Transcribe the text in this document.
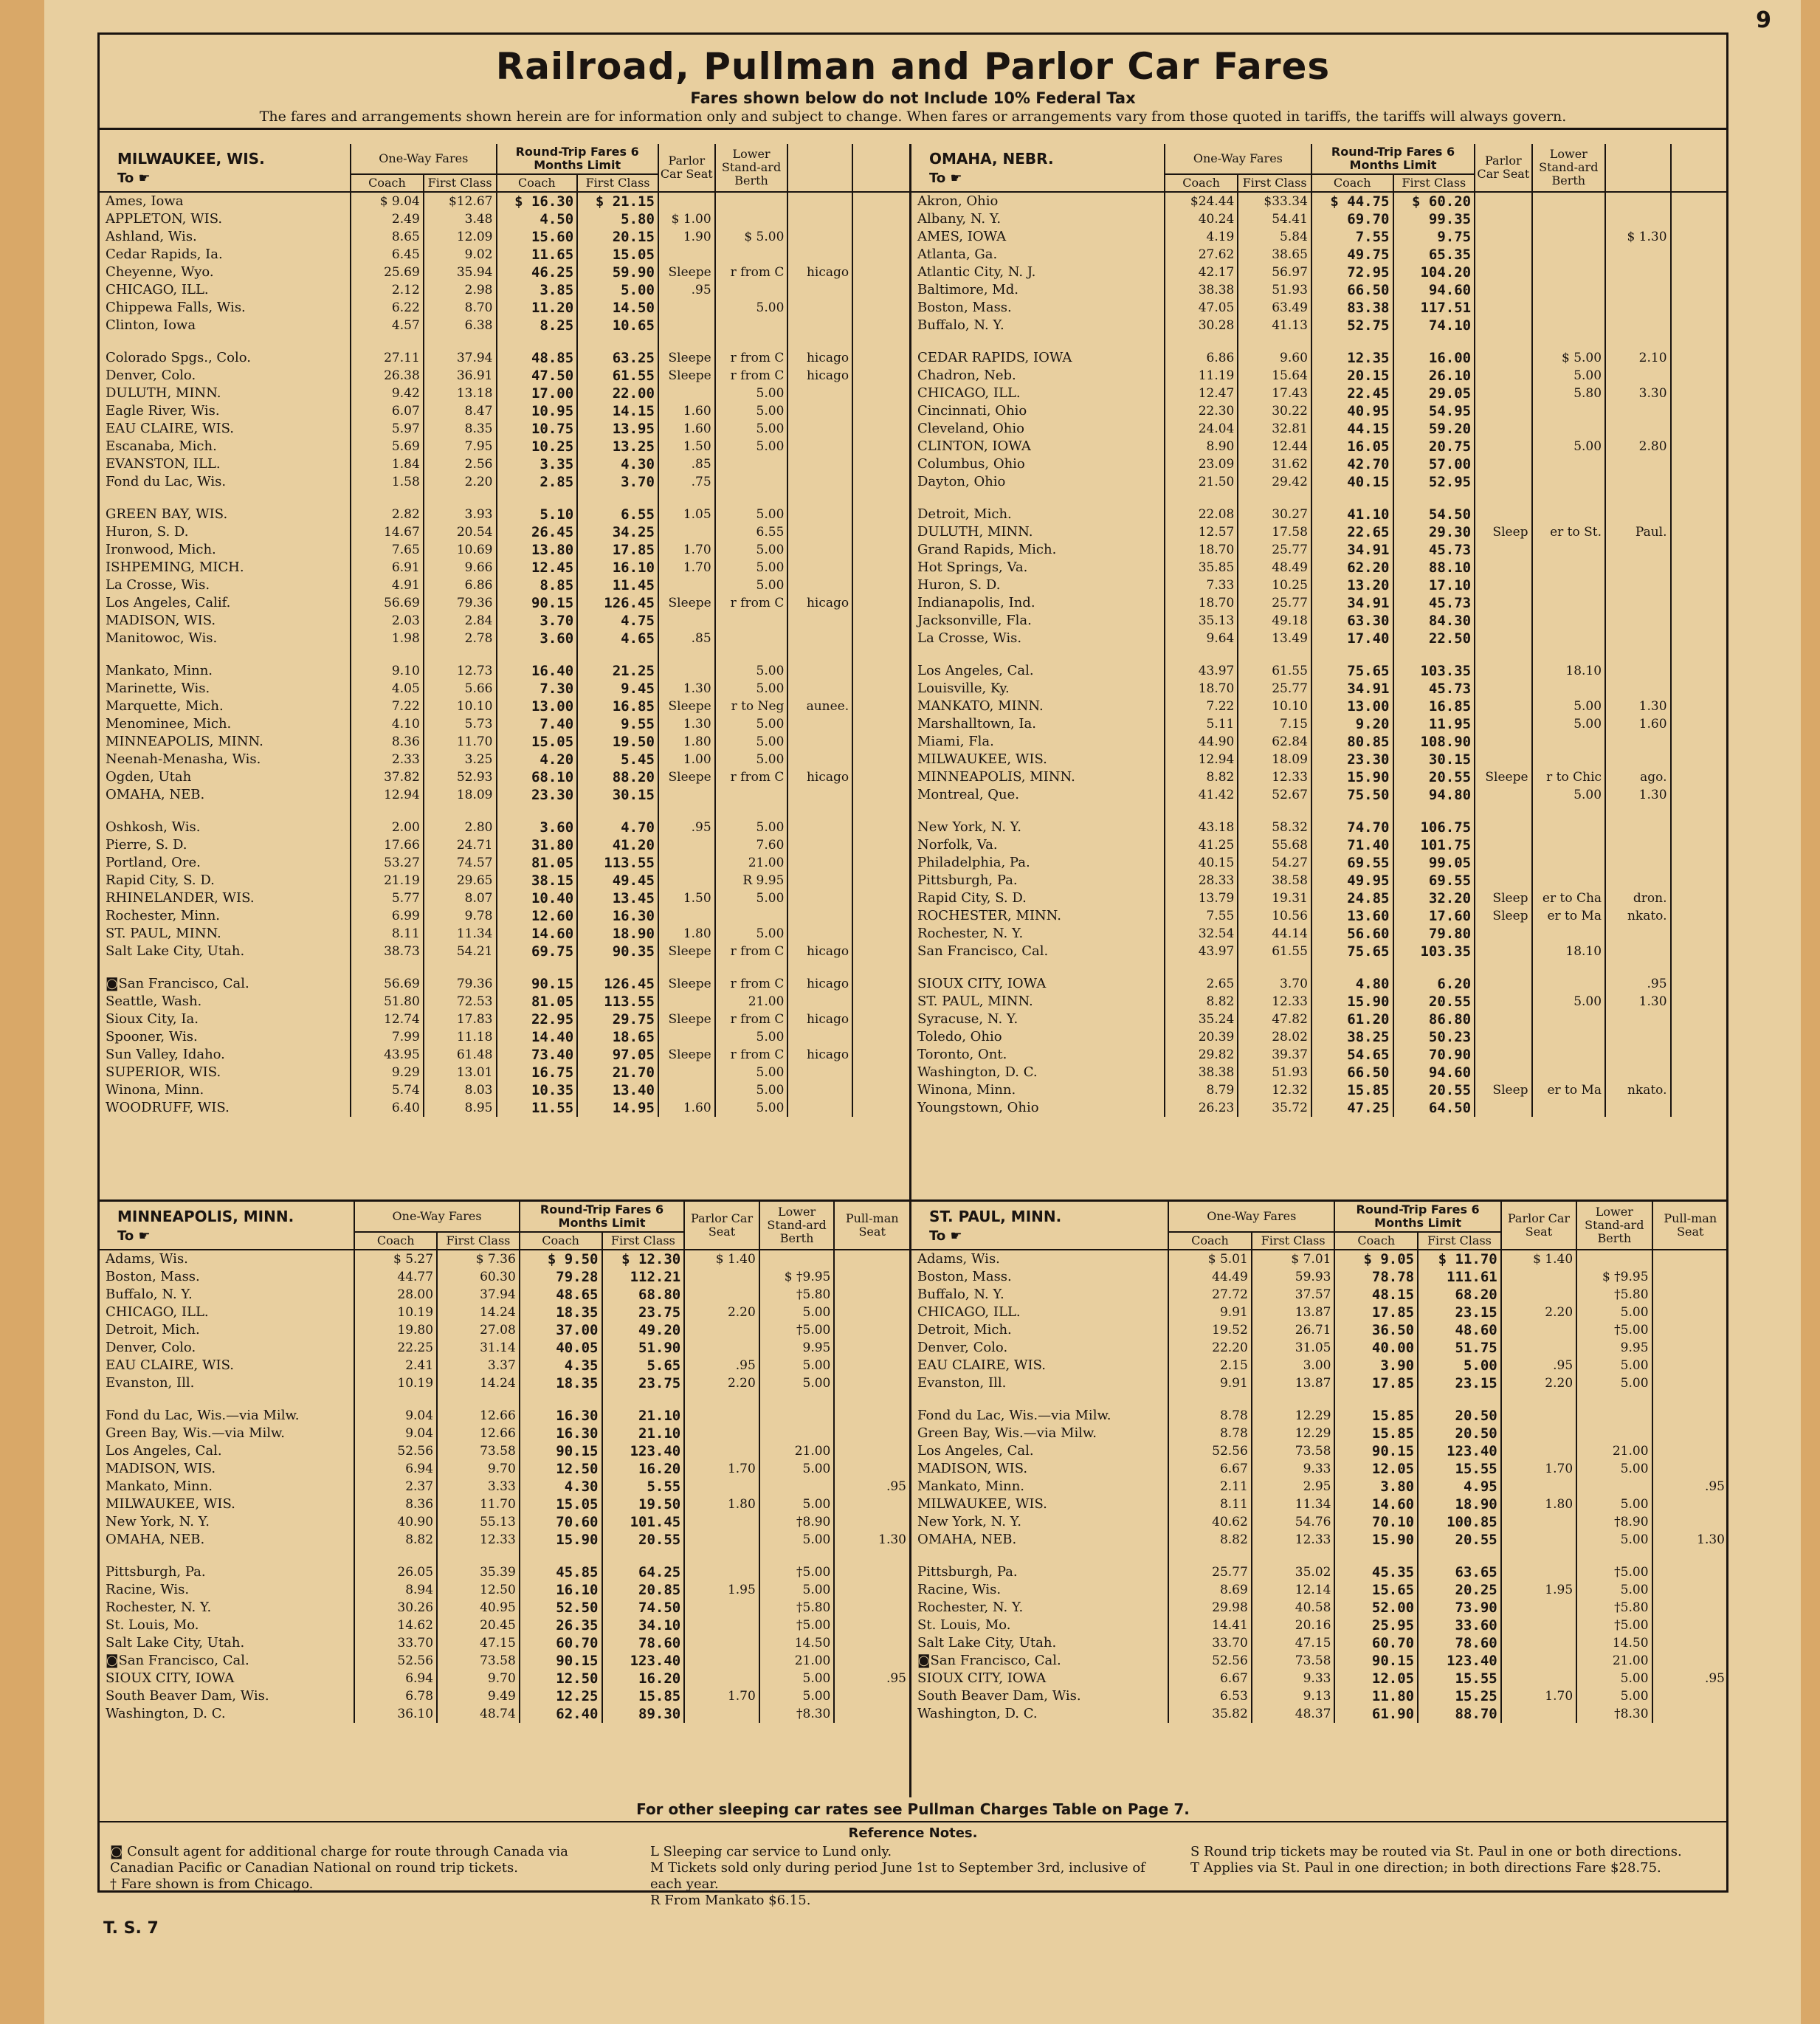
9
Railroad, Pullman and Parlor Car Fares
Fares shown below do not Include 10% Federal Tax
The fares and arrangements shown herein are for information only and subject to change. When fares or arrangements vary from those quoted in tariffs, the tariffs will always govern.
MILWAUKEE, WIS.
To ☛	One-Way Fares		Round-Trip Fares 6 Months Limit		Parlor Car Seat	Lower Stand-ard Berth		
	Coach	First Class	Coach	First Class				
Ames, Iowa	$ 9.04	$12.67	$ 16.30	$ 21.15				
APPLETON, WIS.	2.49	3.48	4.50	5.80	$ 1.00			
Ashland, Wis.	8.65	12.09	15.60	20.15	1.90	$ 5.00		
Cedar Rapids, Ia.	6.45	9.02	11.65	15.05				
Cheyenne, Wyo.	25.69	35.94	46.25	59.90	Sleepe	r from C	hicago	
CHICAGO, ILL.	2.12	2.98	3.85	5.00	.95			
Chippewa Falls, Wis.	6.22	8.70	11.20	14.50		5.00		
Clinton, Iowa	4.57	6.38	8.25	10.65				

Colorado Spgs., Colo.	27.11	37.94	48.85	63.25	Sleepe	r from C	hicago	
Denver, Colo.	26.38	36.91	47.50	61.55	Sleepe	r from C	hicago	
DULUTH, MINN.	9.42	13.18	17.00	22.00		5.00		
Eagle River, Wis.	6.07	8.47	10.95	14.15	1.60	5.00		
EAU CLAIRE, WIS.	5.97	8.35	10.75	13.95	1.60	5.00		
Escanaba, Mich.	5.69	7.95	10.25	13.25	1.50	5.00		
EVANSTON, ILL.	1.84	2.56	3.35	4.30	.85			
Fond du Lac, Wis.	1.58	2.20	2.85	3.70	.75			

GREEN BAY, WIS.	2.82	3.93	5.10	6.55	1.05	5.00		
Huron, S. D.	14.67	20.54	26.45	34.25		6.55		
Ironwood, Mich.	7.65	10.69	13.80	17.85	1.70	5.00		
ISHPEMING, MICH.	6.91	9.66	12.45	16.10	1.70	5.00		
La Crosse, Wis.	4.91	6.86	8.85	11.45		5.00		
Los Angeles, Calif.	56.69	79.36	90.15	126.45	Sleepe	r from C	hicago	
MADISON, WIS.	2.03	2.84	3.70	4.75				
Manitowoc, Wis.	1.98	2.78	3.60	4.65	.85			

Mankato, Minn.	9.10	12.73	16.40	21.25		5.00		
Marinette, Wis.	4.05	5.66	7.30	9.45	1.30	5.00		
Marquette, Mich.	7.22	10.10	13.00	16.85	Sleepe	r to Neg	aunee.	
Menominee, Mich.	4.10	5.73	7.40	9.55	1.30	5.00		
MINNEAPOLIS, MINN.	8.36	11.70	15.05	19.50	1.80	5.00		
Neenah-Menasha, Wis.	2.33	3.25	4.20	5.45	1.00	5.00		
Ogden, Utah	37.82	52.93	68.10	88.20	Sleepe	r from C	hicago	
OMAHA, NEB.	12.94	18.09	23.30	30.15				

Oshkosh, Wis.	2.00	2.80	3.60	4.70	.95	5.00		
Pierre, S. D.	17.66	24.71	31.80	41.20		7.60		
Portland, Ore.	53.27	74.57	81.05	113.55		21.00		
Rapid City, S. D.	21.19	29.65	38.15	49.45		R 9.95		
RHINELANDER, WIS.	5.77	8.07	10.40	13.45	1.50	5.00		
Rochester, Minn.	6.99	9.78	12.60	16.30				
ST. PAUL, MINN.	8.11	11.34	14.60	18.90	1.80	5.00		
Salt Lake City, Utah.	38.73	54.21	69.75	90.35	Sleepe	r from C	hicago	

◙San Francisco, Cal.	56.69	79.36	90.15	126.45	Sleepe	r from C	hicago	
Seattle, Wash.	51.80	72.53	81.05	113.55		21.00		
Sioux City, Ia.	12.74	17.83	22.95	29.75	Sleepe	r from C	hicago	
Spooner, Wis.	7.99	11.18	14.40	18.65		5.00		
Sun Valley, Idaho.	43.95	61.48	73.40	97.05	Sleepe	r from C	hicago	
SUPERIOR, WIS.	9.29	13.01	16.75	21.70		5.00		
Winona, Minn.	5.74	8.03	10.35	13.40		5.00		
WOODRUFF, WIS.	6.40	8.95	11.55	14.95	1.60	5.00		
OMAHA, NEBR.
To ☛	One-Way Fares		Round-Trip Fares 6 Months Limit		Parlor Car Seat	Lower Stand-ard Berth		
	Coach	First Class	Coach	First Class				
Akron, Ohio	$24.44	$33.34	$ 44.75	$ 60.20				
Albany, N. Y.	40.24	54.41	69.70	99.35				
AMES, IOWA	4.19	5.84	7.55	9.75			$ 1.30	
Atlanta, Ga.	27.62	38.65	49.75	65.35				
Atlantic City, N. J.	42.17	56.97	72.95	104.20				
Baltimore, Md.	38.38	51.93	66.50	94.60				
Boston, Mass.	47.05	63.49	83.38	117.51				
Buffalo, N. Y.	30.28	41.13	52.75	74.10				

CEDAR RAPIDS, IOWA	6.86	9.60	12.35	16.00		$ 5.00	2.10	
Chadron, Neb.	11.19	15.64	20.15	26.10		5.00		
CHICAGO, ILL.	12.47	17.43	22.45	29.05		5.80	3.30	
Cincinnati, Ohio	22.30	30.22	40.95	54.95				
Cleveland, Ohio	24.04	32.81	44.15	59.20				
CLINTON, IOWA	8.90	12.44	16.05	20.75		5.00	2.80	
Columbus, Ohio	23.09	31.62	42.70	57.00				
Dayton, Ohio	21.50	29.42	40.15	52.95				

Detroit, Mich.	22.08	30.27	41.10	54.50				
DULUTH, MINN.	12.57	17.58	22.65	29.30	Sleep	er to St.	Paul.	
Grand Rapids, Mich.	18.70	25.77	34.91	45.73				
Hot Springs, Va.	35.85	48.49	62.20	88.10				
Huron, S. D.	7.33	10.25	13.20	17.10				
Indianapolis, Ind.	18.70	25.77	34.91	45.73				
Jacksonville, Fla.	35.13	49.18	63.30	84.30				
La Crosse, Wis.	9.64	13.49	17.40	22.50				

Los Angeles, Cal.	43.97	61.55	75.65	103.35		18.10		
Louisville, Ky.	18.70	25.77	34.91	45.73				
MANKATO, MINN.	7.22	10.10	13.00	16.85		5.00	1.30	
Marshalltown, Ia.	5.11	7.15	9.20	11.95		5.00	1.60	
Miami, Fla.	44.90	62.84	80.85	108.90				
MILWAUKEE, WIS.	12.94	18.09	23.30	30.15				
MINNEAPOLIS, MINN.	8.82	12.33	15.90	20.55	Sleepe	r to Chic	ago.	
Montreal, Que.	41.42	52.67	75.50	94.80		5.00	1.30	

New York, N. Y.	43.18	58.32	74.70	106.75				
Norfolk, Va.	41.25	55.68	71.40	101.75				
Philadelphia, Pa.	40.15	54.27	69.55	99.05				
Pittsburgh, Pa.	28.33	38.58	49.95	69.55				
Rapid City, S. D.	13.79	19.31	24.85	32.20	Sleep	er to Cha	dron.	
ROCHESTER, MINN.	7.55	10.56	13.60	17.60	Sleep	er to Ma	nkato.	
Rochester, N. Y.	32.54	44.14	56.60	79.80				
San Francisco, Cal.	43.97	61.55	75.65	103.35		18.10		

SIOUX CITY, IOWA	2.65	3.70	4.80	6.20			.95	
ST. PAUL, MINN.	8.82	12.33	15.90	20.55		5.00	1.30	
Syracuse, N. Y.	35.24	47.82	61.20	86.80				
Toledo, Ohio	20.39	28.02	38.25	50.23				
Toronto, Ont.	29.82	39.37	54.65	70.90				
Washington, D. C.	38.38	51.93	66.50	94.60				
Winona, Minn.	8.79	12.32	15.85	20.55	Sleep	er to Ma	nkato.	
Youngstown, Ohio	26.23	35.72	47.25	64.50				
MINNEAPOLIS, MINN.
To ☛	One-Way Fares		Round-Trip Fares 6 Months Limit		Parlor Car Seat	Lower Stand-ard Berth	Pull-man Seat
	Coach	First Class	Coach	First Class			
Adams, Wis.	$ 5.27	$ 7.36	$ 9.50	$ 12.30	$ 1.40		
Boston, Mass.	44.77	60.30	79.28	112.21		$ †9.95	
Buffalo, N. Y.	28.00	37.94	48.65	68.80		†5.80	
CHICAGO, ILL.	10.19	14.24	18.35	23.75	2.20	5.00	
Detroit, Mich.	19.80	27.08	37.00	49.20		†5.00	
Denver, Colo.	22.25	31.14	40.05	51.90		9.95	
EAU CLAIRE, WIS.	2.41	3.37	4.35	5.65	.95	5.00	
Evanston, Ill.	10.19	14.24	18.35	23.75	2.20	5.00	

Fond du Lac, Wis.—via Milw.	9.04	12.66	16.30	21.10			
Green Bay, Wis.—via Milw.	9.04	12.66	16.30	21.10			
Los Angeles, Cal.	52.56	73.58	90.15	123.40		21.00	
MADISON, WIS.	6.94	9.70	12.50	16.20	1.70	5.00	
Mankato, Minn.	2.37	3.33	4.30	5.55			.95
MILWAUKEE, WIS.	8.36	11.70	15.05	19.50	1.80	5.00	
New York, N. Y.	40.90	55.13	70.60	101.45		†8.90	
OMAHA, NEB.	8.82	12.33	15.90	20.55		5.00	1.30

Pittsburgh, Pa.	26.05	35.39	45.85	64.25		†5.00	
Racine, Wis.	8.94	12.50	16.10	20.85	1.95	5.00	
Rochester, N. Y.	30.26	40.95	52.50	74.50		†5.80	
St. Louis, Mo.	14.62	20.45	26.35	34.10		†5.00	
Salt Lake City, Utah.	33.70	47.15	60.70	78.60		14.50	
◙San Francisco, Cal.	52.56	73.58	90.15	123.40		21.00	
SIOUX CITY, IOWA	6.94	9.70	12.50	16.20		5.00	.95
South Beaver Dam, Wis.	6.78	9.49	12.25	15.85	1.70	5.00	
Washington, D. C.	36.10	48.74	62.40	89.30		†8.30	
ST. PAUL, MINN.
To ☛	One-Way Fares		Round-Trip Fares 6 Months Limit		Parlor Car Seat	Lower Stand-ard Berth	Pull-man Seat
	Coach	First Class	Coach	First Class			
Adams, Wis.	$ 5.01	$ 7.01	$ 9.05	$ 11.70	$ 1.40		
Boston, Mass.	44.49	59.93	78.78	111.61		$ †9.95	
Buffalo, N. Y.	27.72	37.57	48.15	68.20		†5.80	
CHICAGO, ILL.	9.91	13.87	17.85	23.15	2.20	5.00	
Detroit, Mich.	19.52	26.71	36.50	48.60		†5.00	
Denver, Colo.	22.20	31.05	40.00	51.75		9.95	
EAU CLAIRE, WIS.	2.15	3.00	3.90	5.00	.95	5.00	
Evanston, Ill.	9.91	13.87	17.85	23.15	2.20	5.00	

Fond du Lac, Wis.—via Milw.	8.78	12.29	15.85	20.50			
Green Bay, Wis.—via Milw.	8.78	12.29	15.85	20.50			
Los Angeles, Cal.	52.56	73.58	90.15	123.40		21.00	
MADISON, WIS.	6.67	9.33	12.05	15.55	1.70	5.00	
Mankato, Minn.	2.11	2.95	3.80	4.95			.95
MILWAUKEE, WIS.	8.11	11.34	14.60	18.90	1.80	5.00	
New York, N. Y.	40.62	54.76	70.10	100.85		†8.90	
OMAHA, NEB.	8.82	12.33	15.90	20.55		5.00	1.30

Pittsburgh, Pa.	25.77	35.02	45.35	63.65		†5.00	
Racine, Wis.	8.69	12.14	15.65	20.25	1.95	5.00	
Rochester, N. Y.	29.98	40.58	52.00	73.90		†5.80	
St. Louis, Mo.	14.41	20.16	25.95	33.60		†5.00	
Salt Lake City, Utah.	33.70	47.15	60.70	78.60		14.50	
◙San Francisco, Cal.	52.56	73.58	90.15	123.40		21.00	
SIOUX CITY, IOWA	6.67	9.33	12.05	15.55		5.00	.95
South Beaver Dam, Wis.	6.53	9.13	11.80	15.25	1.70	5.00	
Washington, D. C.	35.82	48.37	61.90	88.70		†8.30	
For other sleeping car rates see Pullman Charges Table on Page 7.
Reference Notes.
◙ Consult agent for additional charge for route through Canada via Canadian Pacific or Canadian National on round trip tickets.
† Fare shown is from Chicago.
L Sleeping car service to Lund only.
M Tickets sold only during period June 1st to September 3rd, inclusive of each year.
R From Mankato $6.15.
S Round trip tickets may be routed via St. Paul in one or both directions.
T Applies via St. Paul in one direction; in both directions Fare $28.75.
T. S. 7
